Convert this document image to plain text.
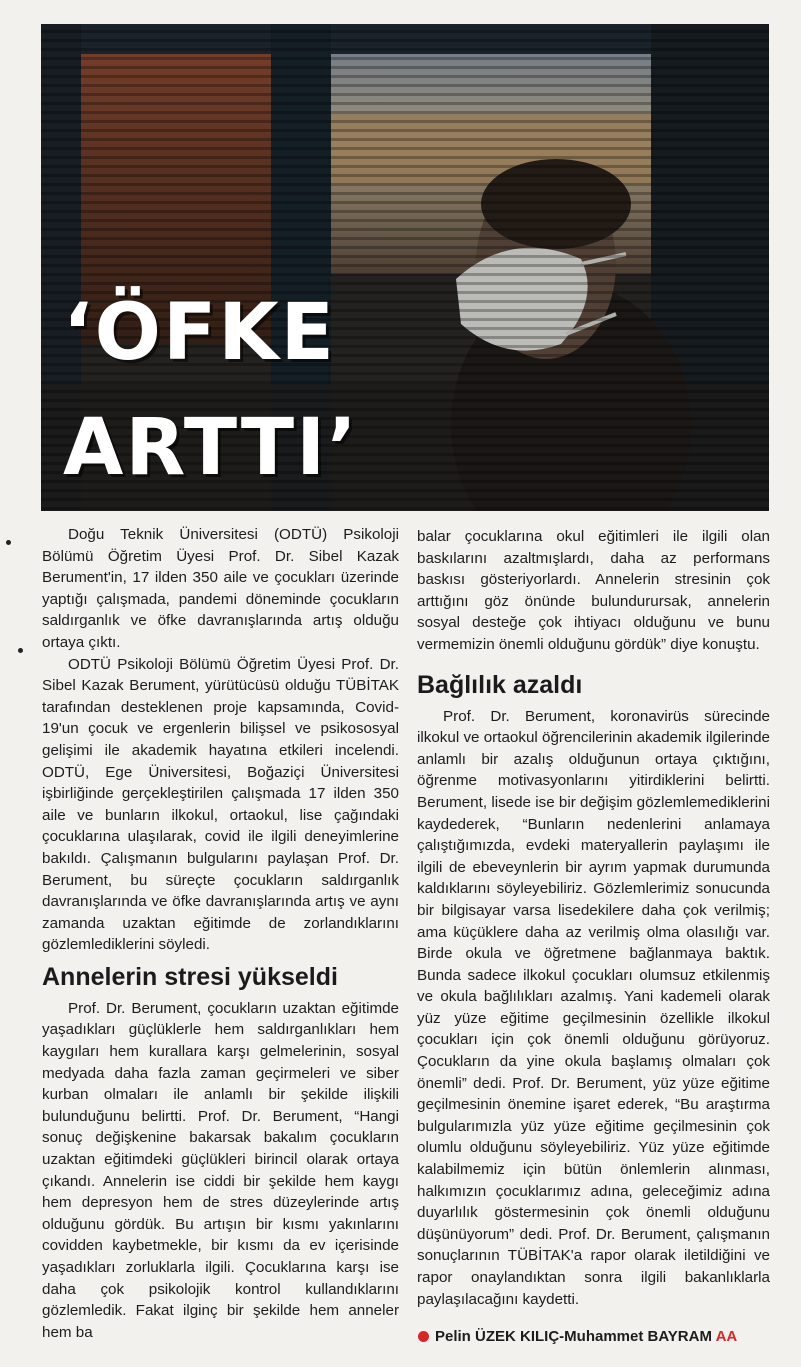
‘ÖFKE
ARTTI’

Doğu Teknik Üniversitesi (ODTÜ) Psikoloji Bölümü Öğretim Üyesi Prof. Dr. Sibel Kazak Berument'in, 17 ilden 350 aile ve çocukları üzerinde yaptığı çalışmada, pandemi döneminde çocukların saldırganlık ve öfke davranışlarında artış olduğu ortaya çıktı.

ODTÜ Psikoloji Bölümü Öğretim Üyesi Prof. Dr. Sibel Kazak Berument, yürütücüsü olduğu TÜBİTAK tarafından desteklenen proje kapsamında, Covid-19'un çocuk ve ergenlerin bilişsel ve psikososyal gelişimi ile akademik hayatına etkileri incelendi. ODTÜ, Ege Üniversitesi, Boğaziçi Üniversitesi işbirliğinde gerçekleştirilen çalışmada 17 ilden 350 aile ve bunların ilkokul, ortaokul, lise çağındaki çocuklarına ulaşılarak, covid ile ilgili deneyimlerine bakıldı. Çalışmanın bulgularını paylaşan Prof. Dr. Berument, bu süreçte çocukların saldırganlık davranışlarında ve öfke davranışlarında artış ve aynı zamanda uzaktan eğitimde de zorlandıklarını gözlemlediklerini söyledi.

Annelerin stresi yükseldi

Prof. Dr. Berument, çocukların uzaktan eğitimde yaşadıkları güçlüklerle hem saldırganlıkları hem kaygıları hem kurallara karşı gelmelerinin, sosyal medyada daha fazla zaman geçirmeleri ve siber kurban olmaları ile anlamlı bir şekilde ilişkili bulunduğunu belirtti. Prof. Dr. Berument, “Hangi sonuç değişkenine bakarsak bakalım çocukların uzaktan eğitimdeki güçlükleri birincil olarak ortaya çıkandı. Annelerin ise ciddi bir şekilde hem kaygı hem depresyon hem de stres düzeylerinde artış olduğunu gördük. Bu artışın bir kısmı yakınlarını covidden kaybetmekle, bir kısmı da ev içerisinde yaşadıkları zorluklarla ilgili. Çocuklarına karşı ise daha çok psikolojik kontrol kullandıklarını gözlemledik. Fakat ilginç bir şekilde hem anneler hem ba

balar çocuklarına okul eğitimleri ile ilgili olan baskılarını azaltmışlardı, daha az performans baskısı gösteriyorlardı. Annelerin stresinin çok arttığını göz önünde bulundurursak, annelerin sosyal desteğe çok ihtiyacı olduğunu ve bunu vermemizin önemli olduğunu gördük” diye konuştu.

Bağlılık azaldı

Prof. Dr. Berument, koronavirüs sürecinde ilkokul ve ortaokul öğrencilerinin akademik ilgilerinde anlamlı bir azalış olduğunun ortaya çıktığını, öğrenme motivasyonlarını yitirdiklerini belirtti. Berument, lisede ise bir değişim gözlemlemediklerini kaydederek, “Bunların nedenlerini anlamaya çalıştığımızda, evdeki materyallerin paylaşımı ile ilgili de ebeveynlerin bir ayrım yapmak durumunda kaldıklarını söyleyebiliriz. Gözlemlerimiz sonucunda bir bilgisayar varsa lisedekilere daha çok verilmiş; ama küçüklere daha az verilmiş olma olasılığı var. Birde okula ve öğretmene bağlanmaya baktık. Bunda sadece ilkokul çocukları olumsuz etkilenmiş ve okula bağlılıkları azalmış. Yani kademeli olarak yüz yüze eğitime geçilmesinin özellikle ilkokul çocukları için çok önemli olduğunu görüyoruz. Çocukların da yine okula başlamış olmaları çok önemli” dedi. Prof. Dr. Berument, yüz yüze eğitime geçilmesinin önemine işaret ederek, “Bu araştırma bulgularımızla yüz yüze eğitime geçilmesinin çok olumlu olduğunu söyleyebiliriz. Yüz yüze eğitimde kalabilmemiz için bütün önlemlerin alınması, halkımızın çocuklarımız adına, geleceğimiz adına duyarlılık göstermesinin çok önemli olduğunu düşünüyorum” dedi. Prof. Dr. Berument, çalışmanın sonuçlarının TÜBİTAK'a rapor olarak iletildiğini ve rapor onaylandıktan sonra ilgili bakanlıklarla paylaşılacağını kaydetti.

Pelin ÜZEK KILIÇ-Muhammet BAYRAM AA
